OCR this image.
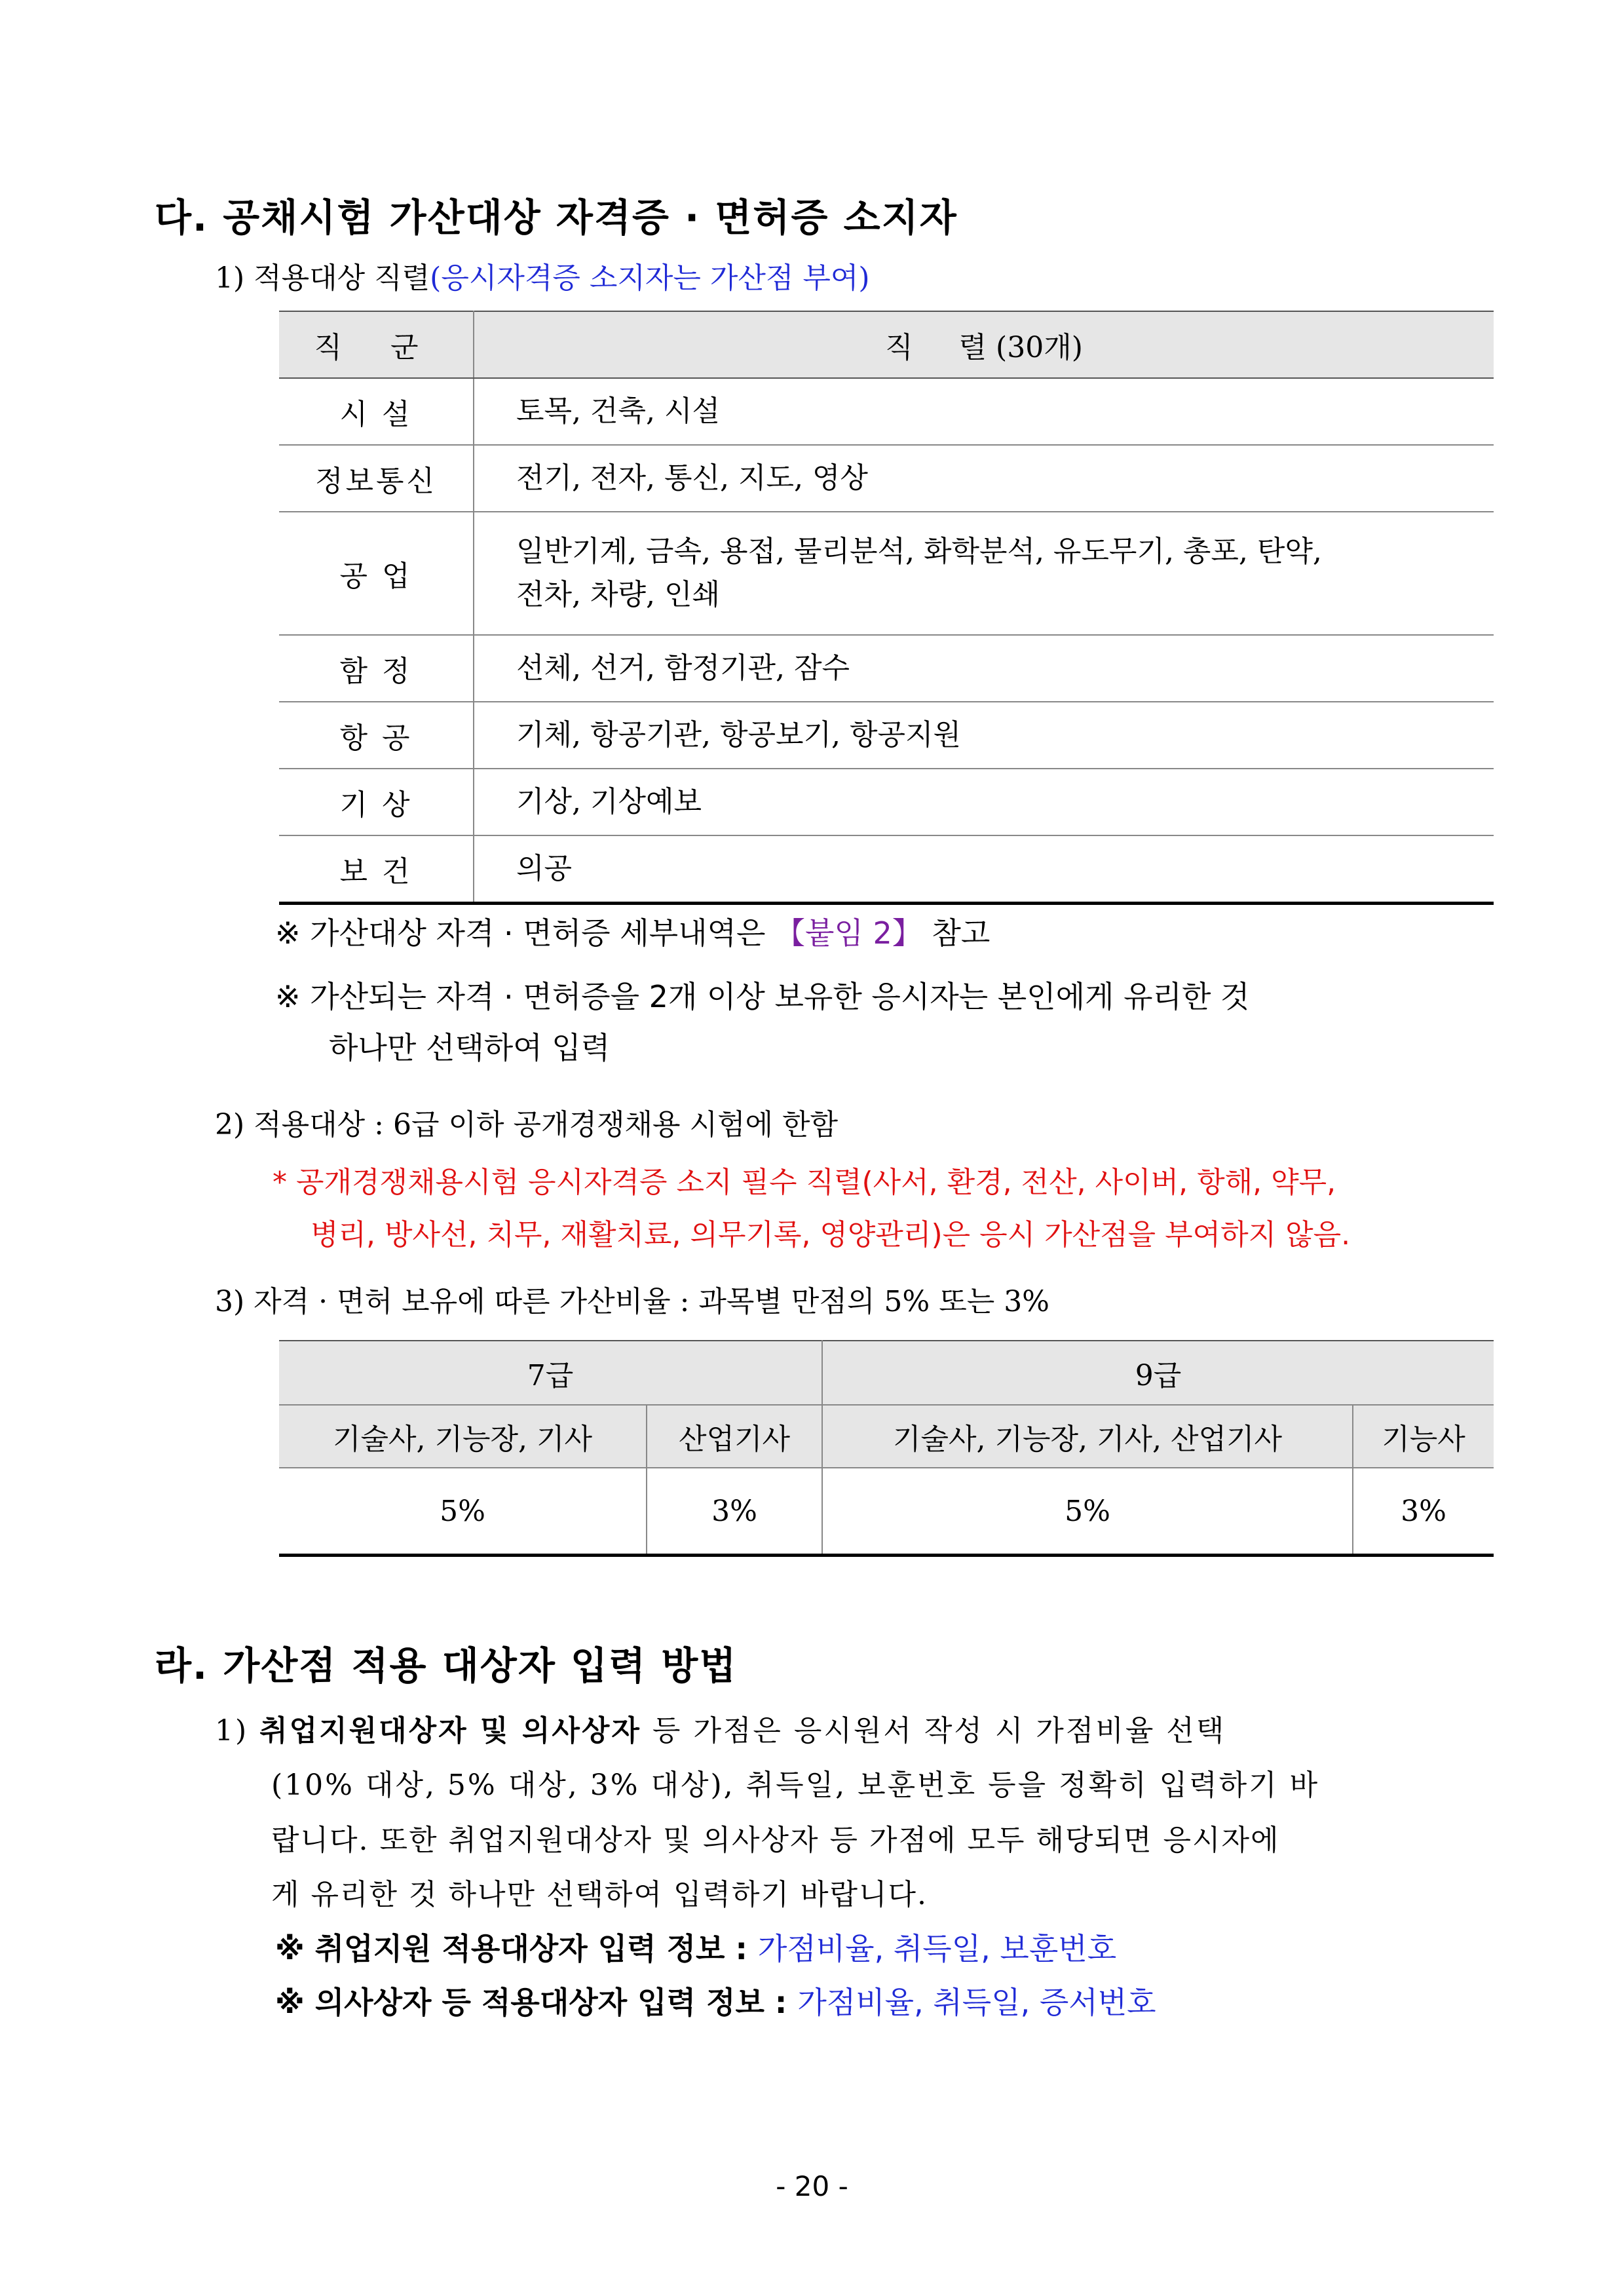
다. 공채시험 가산대상 자격증 · 면허증 소지자
1) 적용대상 직렬(응시자격증 소지자는 가산점 부여)
직 군	직     렬 (30개)
시 설	토목, 건축, 시설
정보통신	전기, 전자, 통신, 지도, 영상
공 업	일반기계, 금속, 용접, 물리분석, 화학분석, 유도무기, 총포, 탄약,
전차, 차량, 인쇄

함 정	선체, 선거, 함정기관, 잠수
항 공	기체, 항공기관, 항공보기, 항공지원
기 상	기상, 기상예보
보 건	의공
※ 가산대상 자격 · 면허증 세부내역은 【붙임 2】 참고
※ 가산되는 자격 · 면허증을 2개 이상 보유한 응시자는 본인에게 유리한 것
하나만 선택하여 입력
2) 적용대상 : 6급 이하 공개경쟁채용 시험에 한함
* 공개경쟁채용시험 응시자격증 소지 필수 직렬(사서, 환경, 전산, 사이버, 항해, 약무,
병리, 방사선, 치무, 재활치료, 의무기록, 영양관리)은 응시 가산점을 부여하지 않음.
3) 자격 · 면허 보유에 따른 가산비율 : 과목별 만점의 5% 또는 3%
7급		9급	
기술사, 기능장, 기사	산업기사	기술사, 기능장, 기사, 산업기사	기능사
5%	3%	5%	3%
라. 가산점 적용 대상자 입력 방법
1) 취업지원대상자 및 의사상자 등 가점은 응시원서 작성 시 가점비율 선택
(10% 대상, 5% 대상, 3% 대상), 취득일, 보훈번호 등을 정확히 입력하기 바
랍니다. 또한 취업지원대상자 및 의사상자 등 가점에 모두 해당되면 응시자에
게 유리한 것 하나만 선택하여 입력하기 바랍니다.
※ 취업지원 적용대상자 입력 정보 : 가점비율, 취득일, 보훈번호
※ 의사상자 등 적용대상자 입력 정보 : 가점비율, 취득일, 증서번호
- 20 -
